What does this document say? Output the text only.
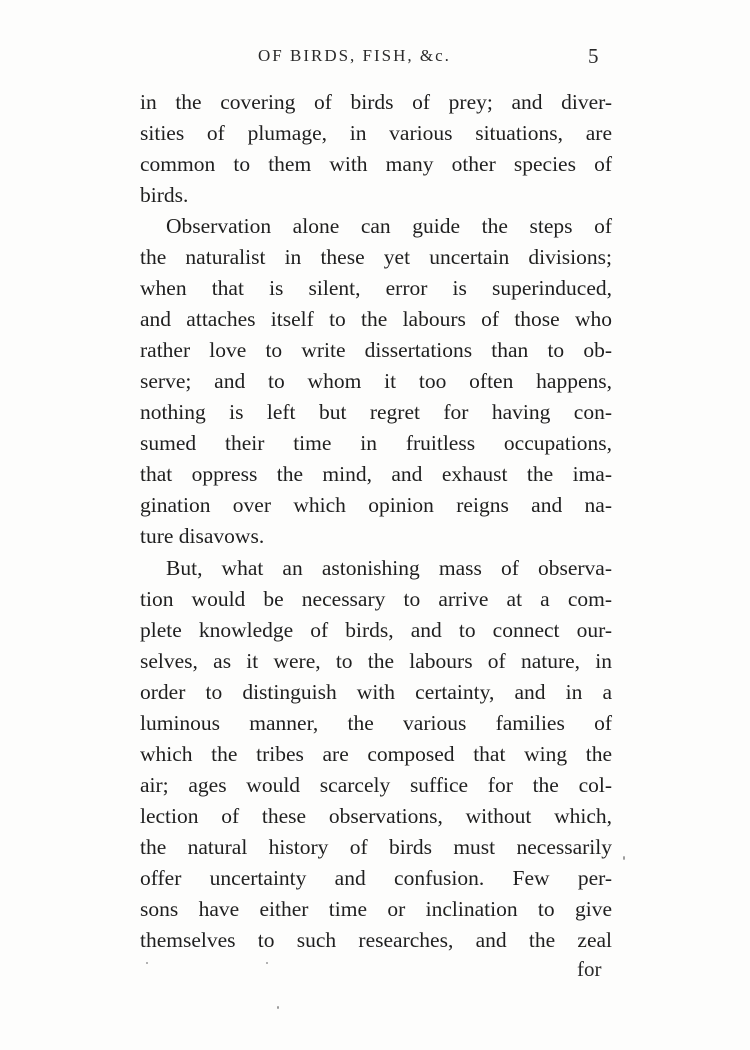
OF BIRDS, FISH, &c.	5
in the covering of birds of prey; and diver-
sities of plumage, in various situations, are
common to them with many other species of
birds.
Observation alone can guide the steps of
the naturalist in these yet uncertain divisions;
when that is silent, error is superinduced,
and attaches itself to the labours of those who
rather love to write dissertations than to ob-
serve; and to whom it too often happens,
nothing is left but regret for having con-
sumed their time in fruitless occupations,
that oppress the mind, and exhaust the ima-
gination over which opinion reigns and na-
ture disavows.
But, what an astonishing mass of observa-
tion would be necessary to arrive at a com-
plete knowledge of birds, and to connect our-
selves, as it were, to the labours of nature, in
order to distinguish with certainty, and in a
luminous manner, the various families of
which the tribes are composed that wing the
air; ages would scarcely suffice for the col-
lection of these observations, without which,
the natural history of birds must necessarily
offer uncertainty and confusion. Few per-
sons have either time or inclination to give
themselves to such researches, and the zeal
for
